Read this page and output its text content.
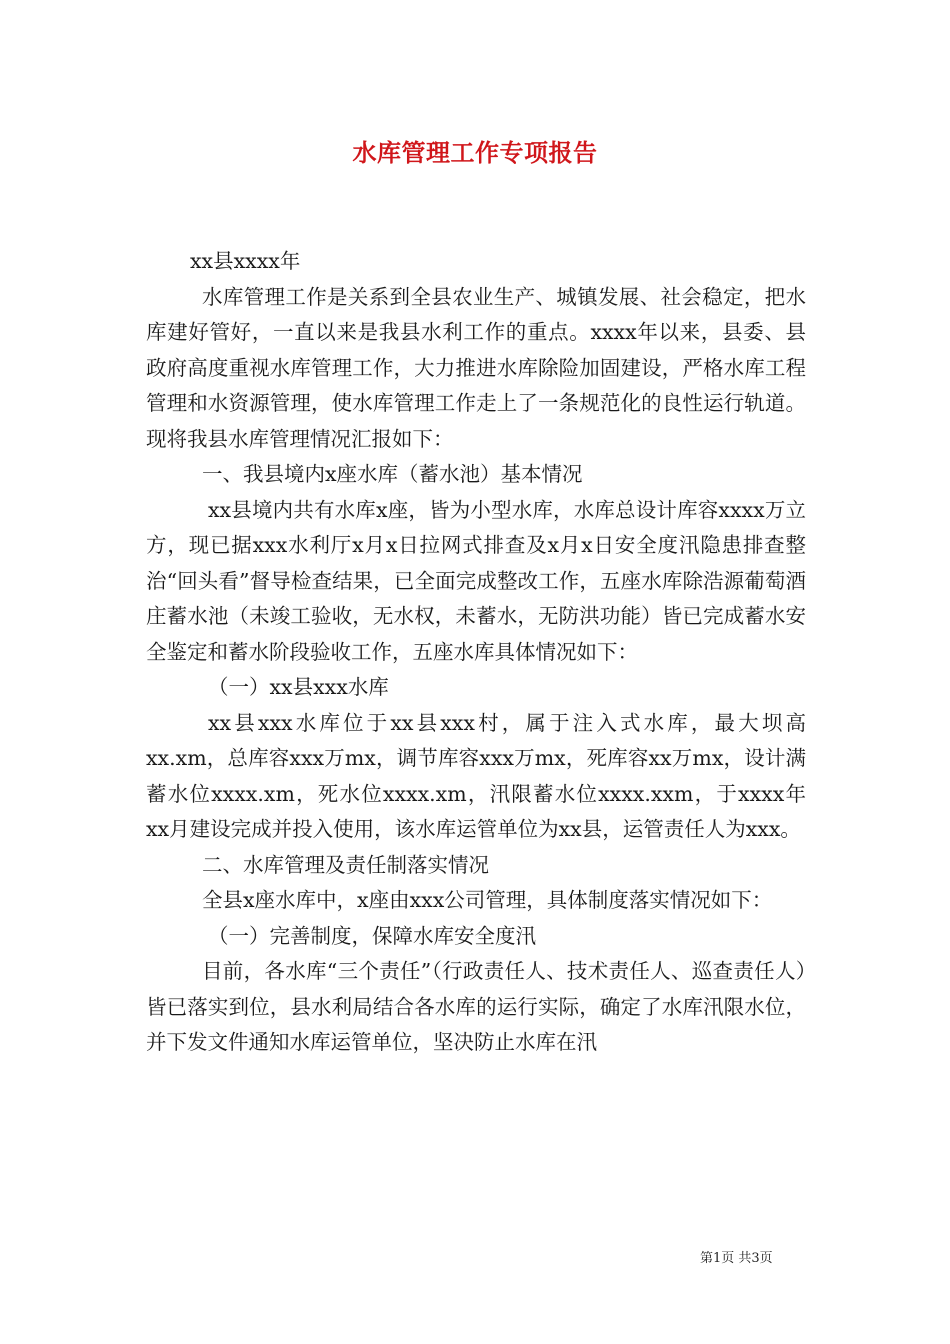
水库管理工作专项报告

xx县xxxx年

水库管理工作是关系到全县农业生产、城镇发展、社会稳定，把水库建好管好，一直以来是我县水利工作的重点。xxxx年以来，县委、县政府高度重视水库管理工作，大力推进水库除险加固建设，严格水库工程管理和水资源管理，使水库管理工作走上了一条规范化的良性运行轨道。现将我县水库管理情况汇报如下：

一、我县境内x座水库（蓄水池）基本情况

xx县境内共有水库x座，皆为小型水库，水库总设计库容xxxx万立方，现已据xxx水利厅x月x日拉网式排查及x月x日安全度汛隐患排查整治“回头看”督导检查结果，已全面完成整改工作，五座水库除浩源葡萄酒庄蓄水池（未竣工验收，无水权，未蓄水，无防洪功能）皆已完成蓄水安全鉴定和蓄水阶段验收工作，五座水库具体情况如下：

（一）xx县xxx水库

xx县xxx水库位于xx县xxx村，属于注入式水库，最大坝高xx.xm，总库容xxx万mx，调节库容xxx万mx，死库容xx万mx，设计满蓄水位xxxx.xm，死水位xxxx.xm，汛限蓄水位xxxx.xxm，于xxxx年xx月建设完成并投入使用，该水库运管单位为xx县，运管责任人为xxx。

二、水库管理及责任制落实情况

全县x座水库中，x座由xxx公司管理，具体制度落实情况如下：

（一）完善制度，保障水库安全度汛

目前，各水库“三个责任”（行政责任人、技术责任人、巡查责任人）皆已落实到位，县水利局结合各水库的运行实际，确定了水库汛限水位，并下发文件通知水库运管单位，坚决防止水库在汛

第1页 共3页
